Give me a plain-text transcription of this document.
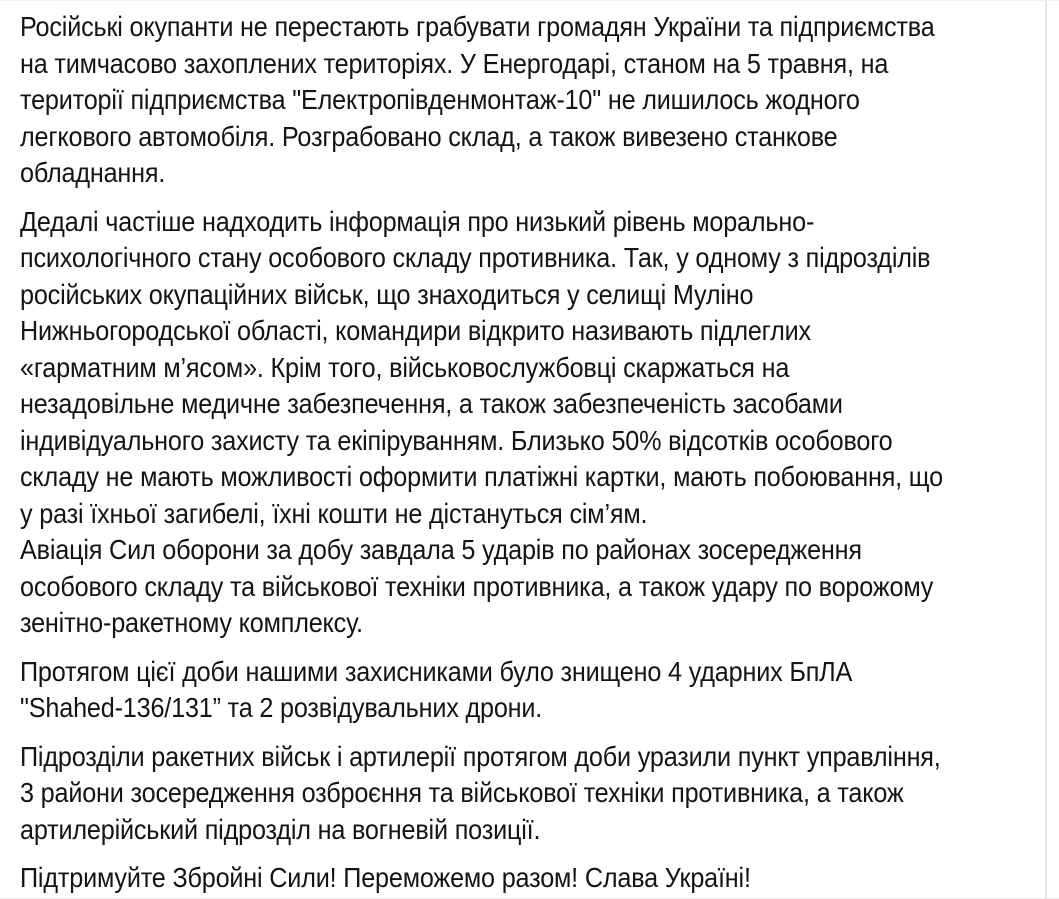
Російські окупанти не перестають грабувати громадян України та підприємства
на тимчасово захоплених територіях. У Енергодарі, станом на 5 травня, на
території підприємства "Електропівденмонтаж-10" не лишилось жодного
легкового автомобіля. Розграбовано склад, а також вивезено станкове
обладнання.

Дедалі частіше надходить інформація про низький рівень морально-
психологічного стану особового складу противника. Так, у одному з підрозділів
російських окупаційних військ, що знаходиться у селищі Муліно
Нижньогородської області, командири відкрито називають підлеглих
«гарматним м’ясом». Крім того, військовослужбовці скаржаться на
незадовільне медичне забезпечення, а також забезпеченість засобами
індивідуального захисту та екіпіруванням. Близько 50% відсотків особового
складу не мають можливості оформити платіжні картки, мають побоювання, що
у разі їхньої загибелі, їхні кошти не дістануться сім’ям.
Авіація Сил оборони за добу завдала 5 ударів по районах зосередження
особового складу та військової техніки противника, а також удару по ворожому
зенітно-ракетному комплексу.

Протягом цієї доби нашими захисниками було знищено 4 ударних БпЛА
"Shahed-136/131” та 2 розвідувальних дрони.

Підрозділи ракетних військ і артилерії протягом доби уразили пункт управління,
3 райони зосередження озброєння та військової техніки противника, а також
артилерійський підрозділ на вогневій позиції.

Підтримуйте Збройні Сили! Переможемо разом! Слава Україні!
